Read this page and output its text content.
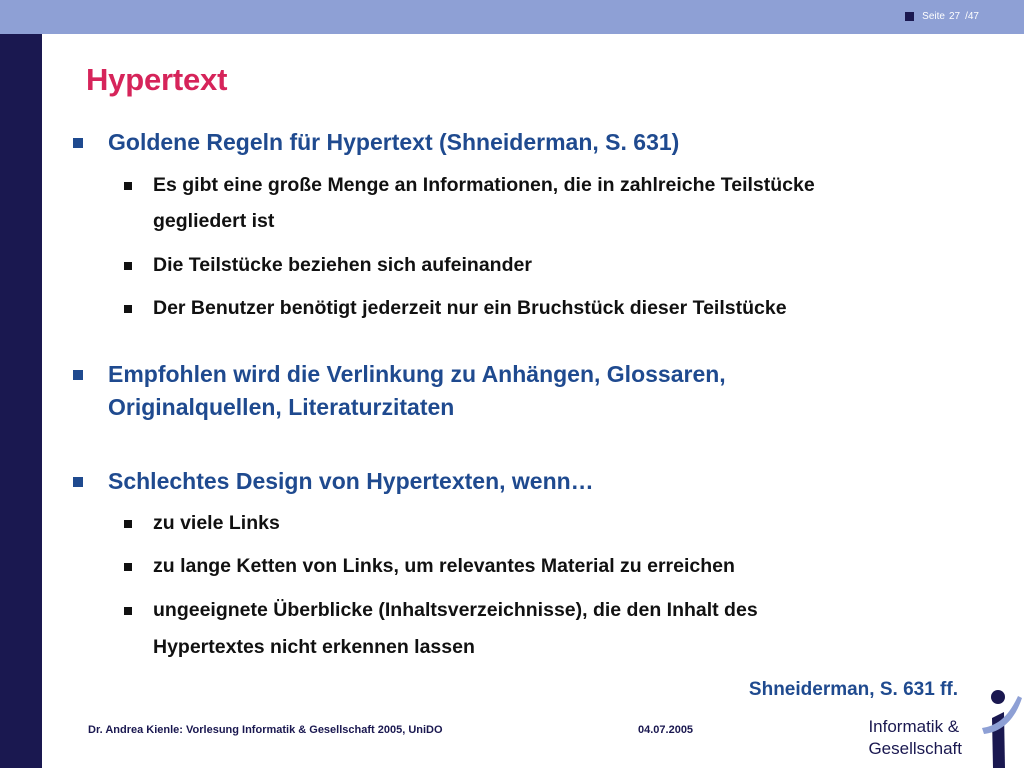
Seite 27 /47
Hypertext
Goldene Regeln für Hypertext (Shneiderman, S. 631)
Es gibt eine große Menge an Informationen, die in zahlreiche Teilstücke
gegliedert ist
Die Teilstücke beziehen sich aufeinander
Der Benutzer benötigt jederzeit nur ein Bruchstück dieser Teilstücke
Empfohlen wird die Verlinkung zu Anhängen, Glossaren,
Originalquellen, Literaturzitaten
Schlechtes Design von Hypertexten, wenn…
zu viele Links
zu lange Ketten von Links, um relevantes Material zu erreichen
ungeeignete Überblicke (Inhaltsverzeichnisse), die den Inhalt des
Hypertextes nicht erkennen lassen
Shneiderman, S. 631 ff.
Dr. Andrea Kienle: Vorlesung Informatik & Gesellschaft 2005, UniDO	04.07.2005	Informatik &
Gesellschaft
